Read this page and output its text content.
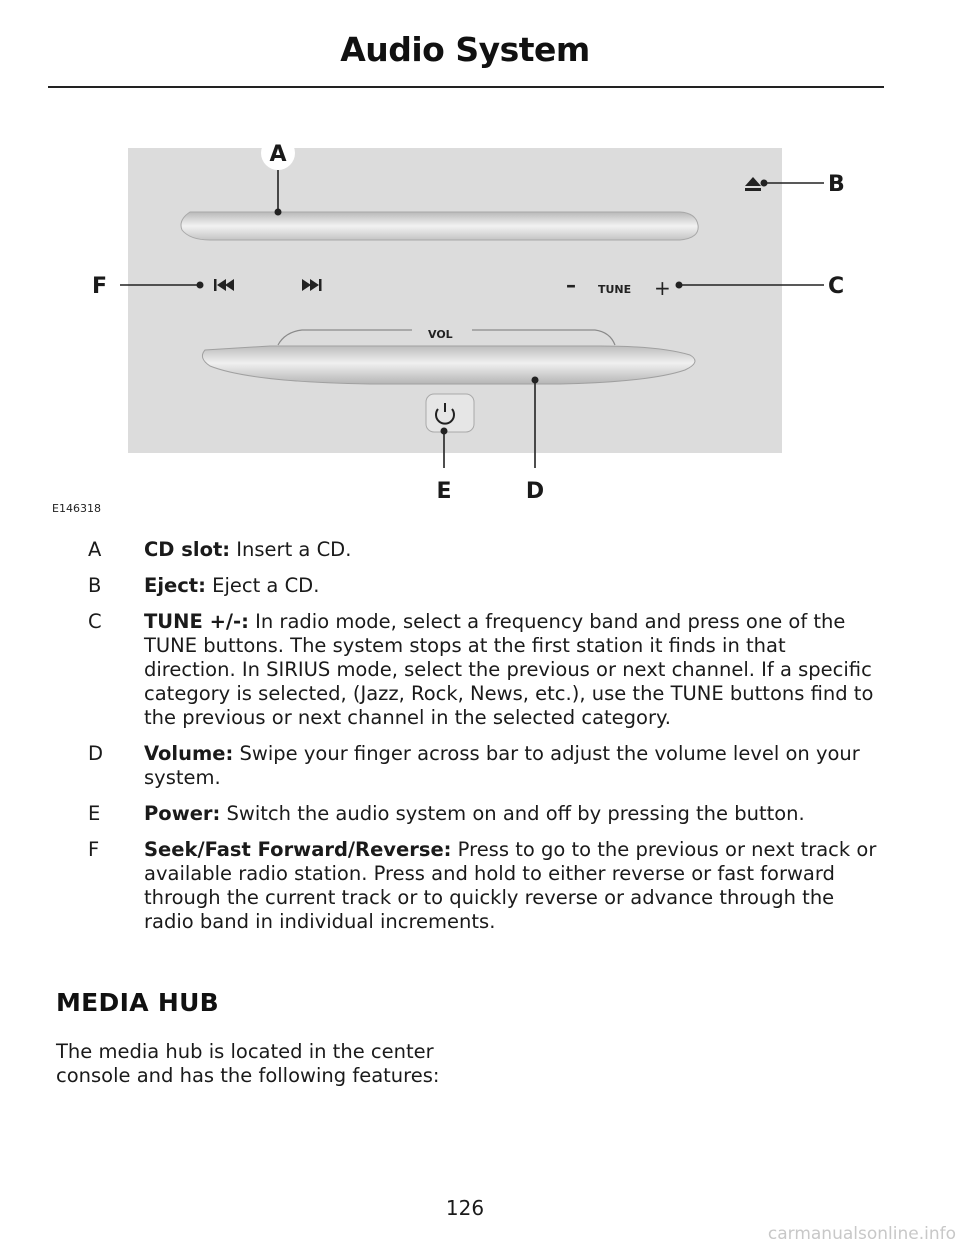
Audio System
– TUNE +
VOL
A
B
C
F
D
E
E146318
A	CD slot: Insert a CD.
B	Eject: Eject a CD.
C	TUNE +/-: In radio mode, select a frequency band and press one of the TUNE buttons. The system stops at the first station it finds in that direction. In SIRIUS mode, select the previous or next channel. If a specific category is selected, (Jazz, Rock, News, etc.), use the TUNE buttons find to the previous or next channel in the selected category.
D	Volume: Swipe your finger across bar to adjust the volume level on your system.
E	Power: Switch the audio system on and off by pressing the button.
F	Seek/Fast Forward/Reverse: Press to go to the previous or next track or available radio station. Press and hold to either reverse or fast forward through the current track or to quickly reverse or advance through the radio band in individual increments.
MEDIA HUB
The media hub is located in the center console and has the following features:
126
carmanualsonline.info
